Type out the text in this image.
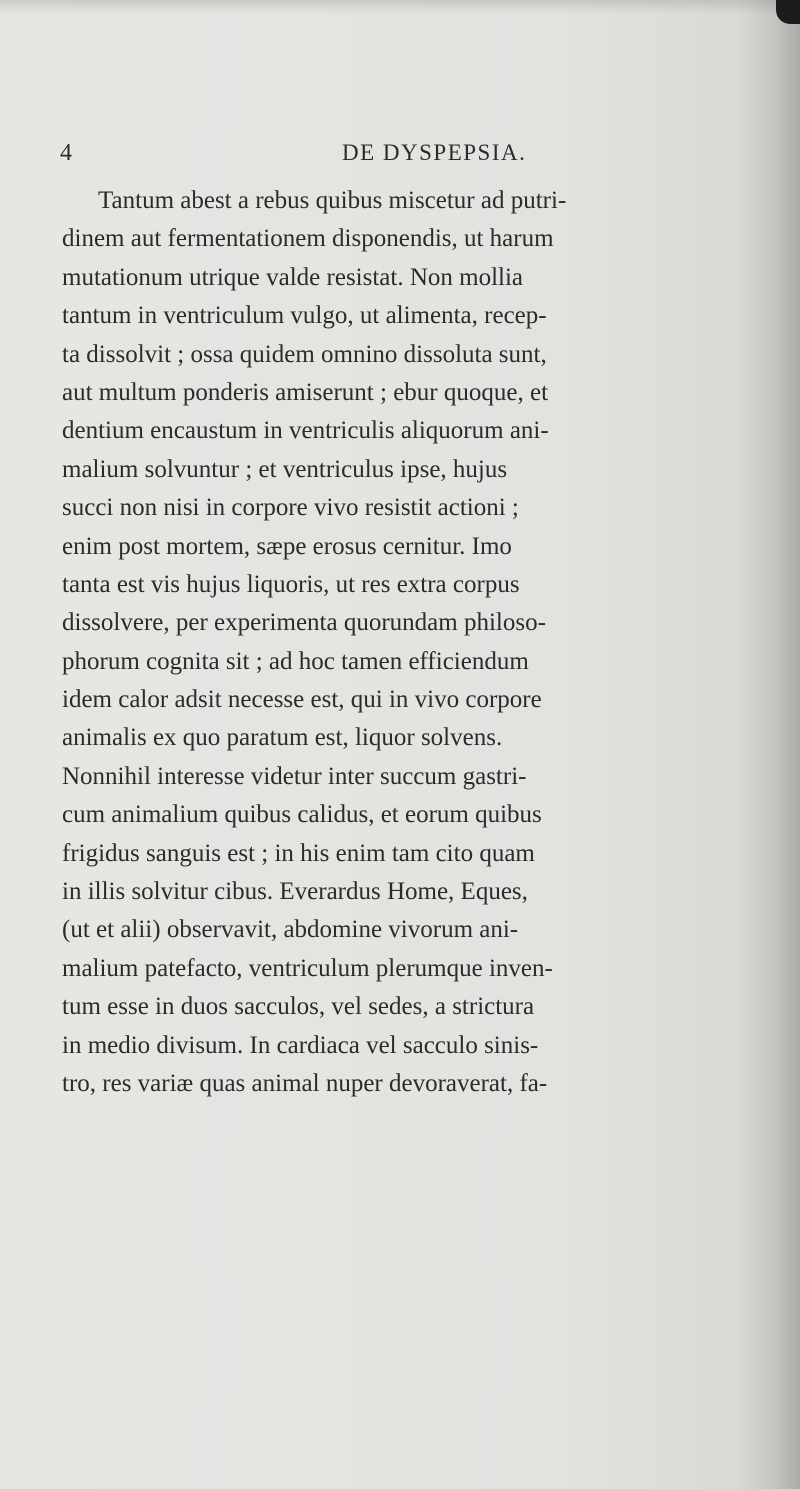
4	DE DYSPEPSIA.
Tantum abest a rebus quibus miscetur ad putri-
dinem aut fermentationem disponendis, ut harum
mutationum utrique valde resistat. Non mollia
tantum in ventriculum vulgo, ut alimenta, recep-
ta dissolvit ; ossa quidem omnino dissoluta sunt,
aut multum ponderis amiserunt ; ebur quoque, et
dentium encaustum in ventriculis aliquorum ani-
malium solvuntur ; et ventriculus ipse, hujus
succi non nisi in corpore vivo resistit actioni ;
enim post mortem, sæpe erosus cernitur. Imo
tanta est vis hujus liquoris, ut res extra corpus
dissolvere, per experimenta quorundam philoso-
phorum cognita sit ; ad hoc tamen efficiendum
idem calor adsit necesse est, qui in vivo corpore
animalis ex quo paratum est, liquor solvens.
Nonnihil interesse videtur inter succum gastri-
cum animalium quibus calidus, et eorum quibus
frigidus sanguis est ; in his enim tam cito quam
in illis solvitur cibus. Everardus Home, Eques,
(ut et alii) observavit, abdomine vivorum ani-
malium patefacto, ventriculum plerumque inven-
tum esse in duos sacculos, vel sedes, a strictura
in medio divisum. In cardiaca vel sacculo sinis-
tro, res variæ quas animal nuper devoraverat, fa-
